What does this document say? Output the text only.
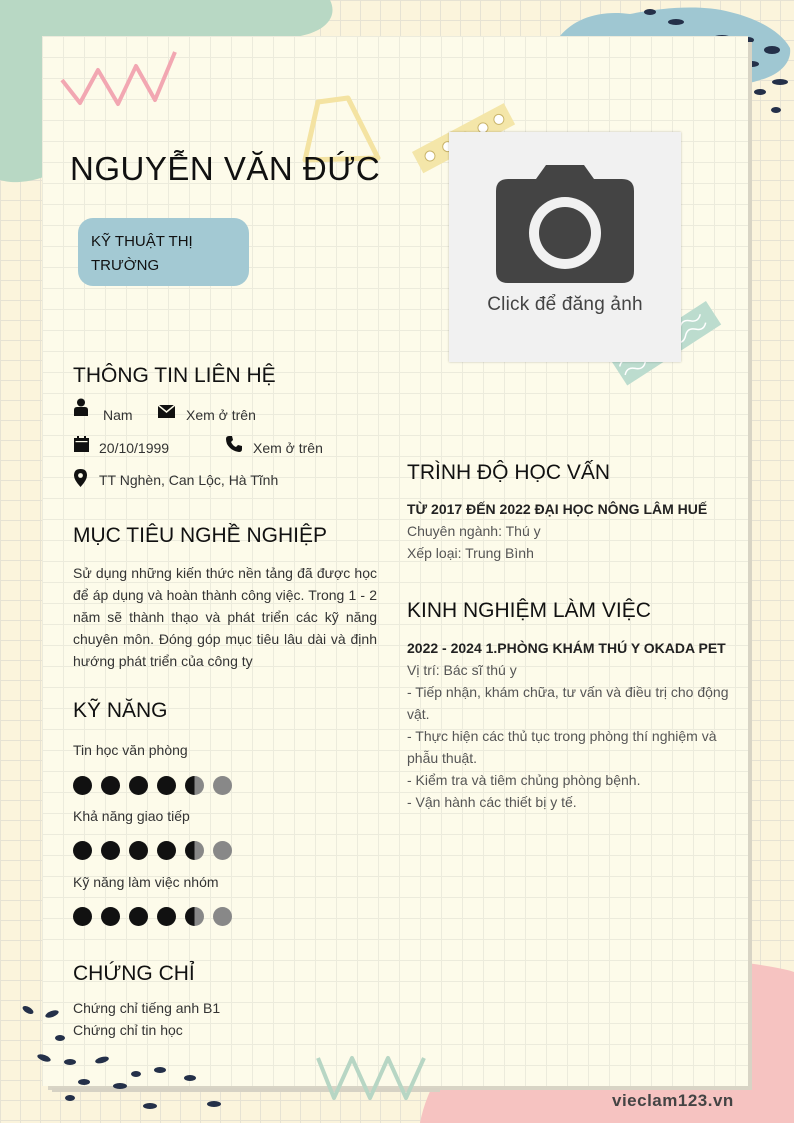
NGUYỄN VĂN ĐỨC
KỸ THUẬT THỊ TRƯỜNG
Click để đăng ảnh
THÔNG TIN LIÊN HỆ
Nam	Xem ở trên
20/10/1999	Xem ở trên
TT Nghèn, Can Lộc, Hà Tĩnh
MỤC TIÊU NGHỀ NGHIỆP
Sử dụng những kiến thức nền tảng đã được học để áp dụng và hoàn thành công việc. Trong 1 - 2 năm sẽ thành thạo và phát triển các kỹ năng chuyên môn. Đóng góp mục tiêu lâu dài và định hướng phát triển của công ty
KỸ NĂNG
Tin học văn phòng
Khả năng giao tiếp
Kỹ năng làm việc nhóm
CHỨNG CHỈ
Chứng chỉ tiếng anh B1
Chứng chỉ tin học
TRÌNH ĐỘ HỌC VẤN
TỪ 2017 ĐẾN 2022 ĐẠI HỌC NÔNG LÂM HUẾ
Chuyên ngành: Thú y
Xếp loại: Trung Bình
KINH NGHIỆM LÀM VIỆC
2022 - 2024 1.PHÒNG KHÁM THÚ Y OKADA PET
Vị trí: Bác sĩ thú y
- Tiếp nhận, khám chữa, tư vấn và điều trị cho động vật.
- Thực hiện các thủ tục trong phòng thí nghiệm và phẫu thuật.
- Kiểm tra và tiêm chủng phòng bệnh.
- Vận hành các thiết bị y tế.
vieclam123.vn
